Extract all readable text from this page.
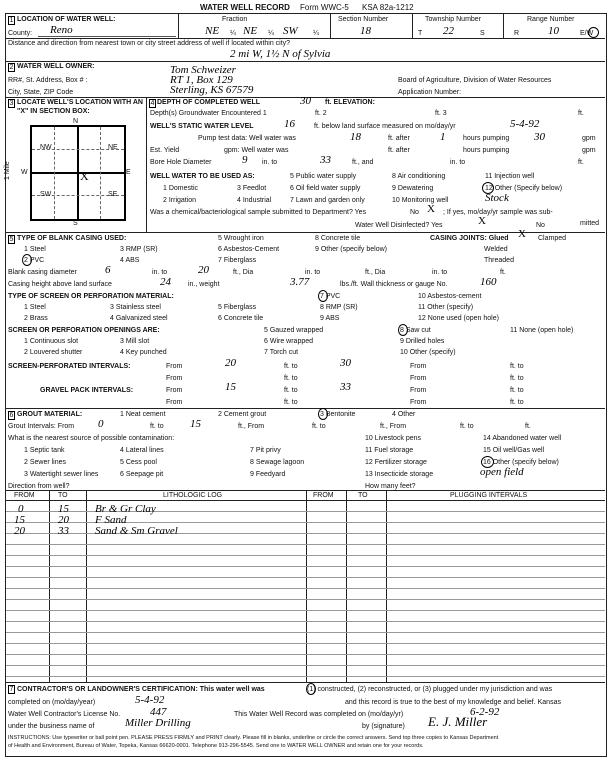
WATER WELL RECORD Form WWC-5 KSA 82a-1212
1 LOCATION OF WATER WELL:	Fraction	Section Number	Township Number	Range Number
County: Reno	NE ¼ NE ¼ SW ¼	18	T 22	S	R	10	E/W
Distance and direction from nearest town or city street address of well if located within city?
2 mi W, 1½ N of Sylvia
2 WATER WELL OWNER:	Tom Schweizer
RR#, St. Address, Box # :	RT 1, Box 129	Board of Agriculture, Division of Water Resources
City, State, ZIP Code	Sterling, KS 67579	Application Number:
3 LOCATE WELL'S LOCATION WITH AN "X" IN SECTION BOX:
N
S
W	E
NW	NE
SW	SE
X
1 Mile
4 DEPTH OF COMPLETED WELL	30 ft. ELEVATION:
Depth(s) Groundwater Encountered 1	ft. 2	ft. 3	ft.
WELL'S STATIC WATER LEVEL	16	ft. below land surface measured on mo/day/yr	5-4-92
Pump test data: Well water was	18	ft. after	1	hours pumping 30	gpm
Est. Yield	gpm: Well water was	ft. after	hours pumping	gpm
Bore Hole Diameter	9 in. to	33	ft., and	in. to	ft.
WELL WATER TO BE USED AS:
1 Domestic	3 Feedlot
5 Public water supply	8 Air conditioning	11 Injection well
2 Irrigation	4 Industrial
6 Oil field water supply	9 Dewatering	12 Other (Specify below)
7 Lawn and garden only	10 Monitoring well	Stock
Was a chemical/bacteriological sample submitted to Department? Yes	No X ; If yes, mo/day/yr sample was sub-
mitted
Water Well Disinfected? Yes	X	No
5 TYPE OF BLANK CASING USED:
1 Steel	3 RMP (SR)
5 Wrought iron	8 Concrete tile
2 PVC	4 ABS
6 Asbestos-Cement	9 Other (specify below)
7 Fiberglass
CASING JOINTS: Glued X Clamped
Welded
Threaded
Blank casing diameter	6	in. to	20	ft., Dia	in. to	ft., Dia	in. to	ft.
Casing height above land surface	24 in., weight	3.77	lbs./ft. Wall thickness or gauge No.	160
TYPE OF SCREEN OR PERFORATION MATERIAL:
1 Steel	3 Stainless steel	5 Fiberglass
7 PVC	10 Asbestos-cement
2 Brass	4 Galvanized steel	6 Concrete tile
8 RMP (SR)	11 Other (specify)
9 ABS	12 None used (open hole)
SCREEN OR PERFORATION OPENINGS ARE:	5 Gauzed wrapped	8 Saw cut	11 None (open hole)
1 Continuous slot	3 Mill slot	6 Wire wrapped	9 Drilled holes
2 Louvered shutter	4 Key punched	7 Torch cut	10 Other (specify)
SCREEN-PERFORATED INTERVALS:	From	20	ft. to	30	From	ft. to
From	ft. to	From	ft. to
GRAVEL PACK INTERVALS:	From	15	ft. to	33	From	ft. to
From	ft. to	From	ft. to
6 GROUT MATERIAL:	1 Neat cement	2 Cement grout	3 Bentonite	4 Other
Grout Intervals: From 0	ft. to 15	ft., From	ft. to	ft., From	ft. to	ft.
What is the nearest source of possible contamination:	10 Livestock pens	14 Abandoned water well
1 Septic tank	4 Lateral lines	7 Pit privy	11 Fuel storage	15 Oil well/Gas well
2 Sewer lines	5 Cess pool	8 Sewage lagoon	12 Fertilizer storage	16 Other (specify below)
3 Watertight sewer lines	6 Seepage pit	9 Feedyard	13 Insecticide storage	open field
Direction from well?	How many feet?
FROM	TO	LITHOLOGIC LOG	FROM	TO	PLUGGING INTERVALS
0	15 Br & Gr Clay
15	20 F Sand
20	33 Sand & Sm Gravel
7 CONTRACTOR'S OR LANDOWNER'S CERTIFICATION: This water well was	(1) constructed, (2) reconstructed, or (3) plugged under my jurisdiction and was
completed on (mo/day/year)	5-4-92	and this record is true to the best of my knowledge and belief. Kansas
Water Well Contractor's License No.	447	This Water Well Record was completed on (mo/day/yr)	6-2-92
under the business name of	Miller Drilling	by (signature) E. J. Miller
INSTRUCTIONS: Use typewriter or ball point pen. PLEASE PRESS FIRMLY and PRINT clearly. Please fill in blanks, underline or circle the correct answers. Send top three copies to Kansas Department
of Health and Environment, Bureau of Water, Topeka, Kansas 66620-0001. Telephone 913-296-5545. Send one to WATER WELL OWNER and retain one for your records.
